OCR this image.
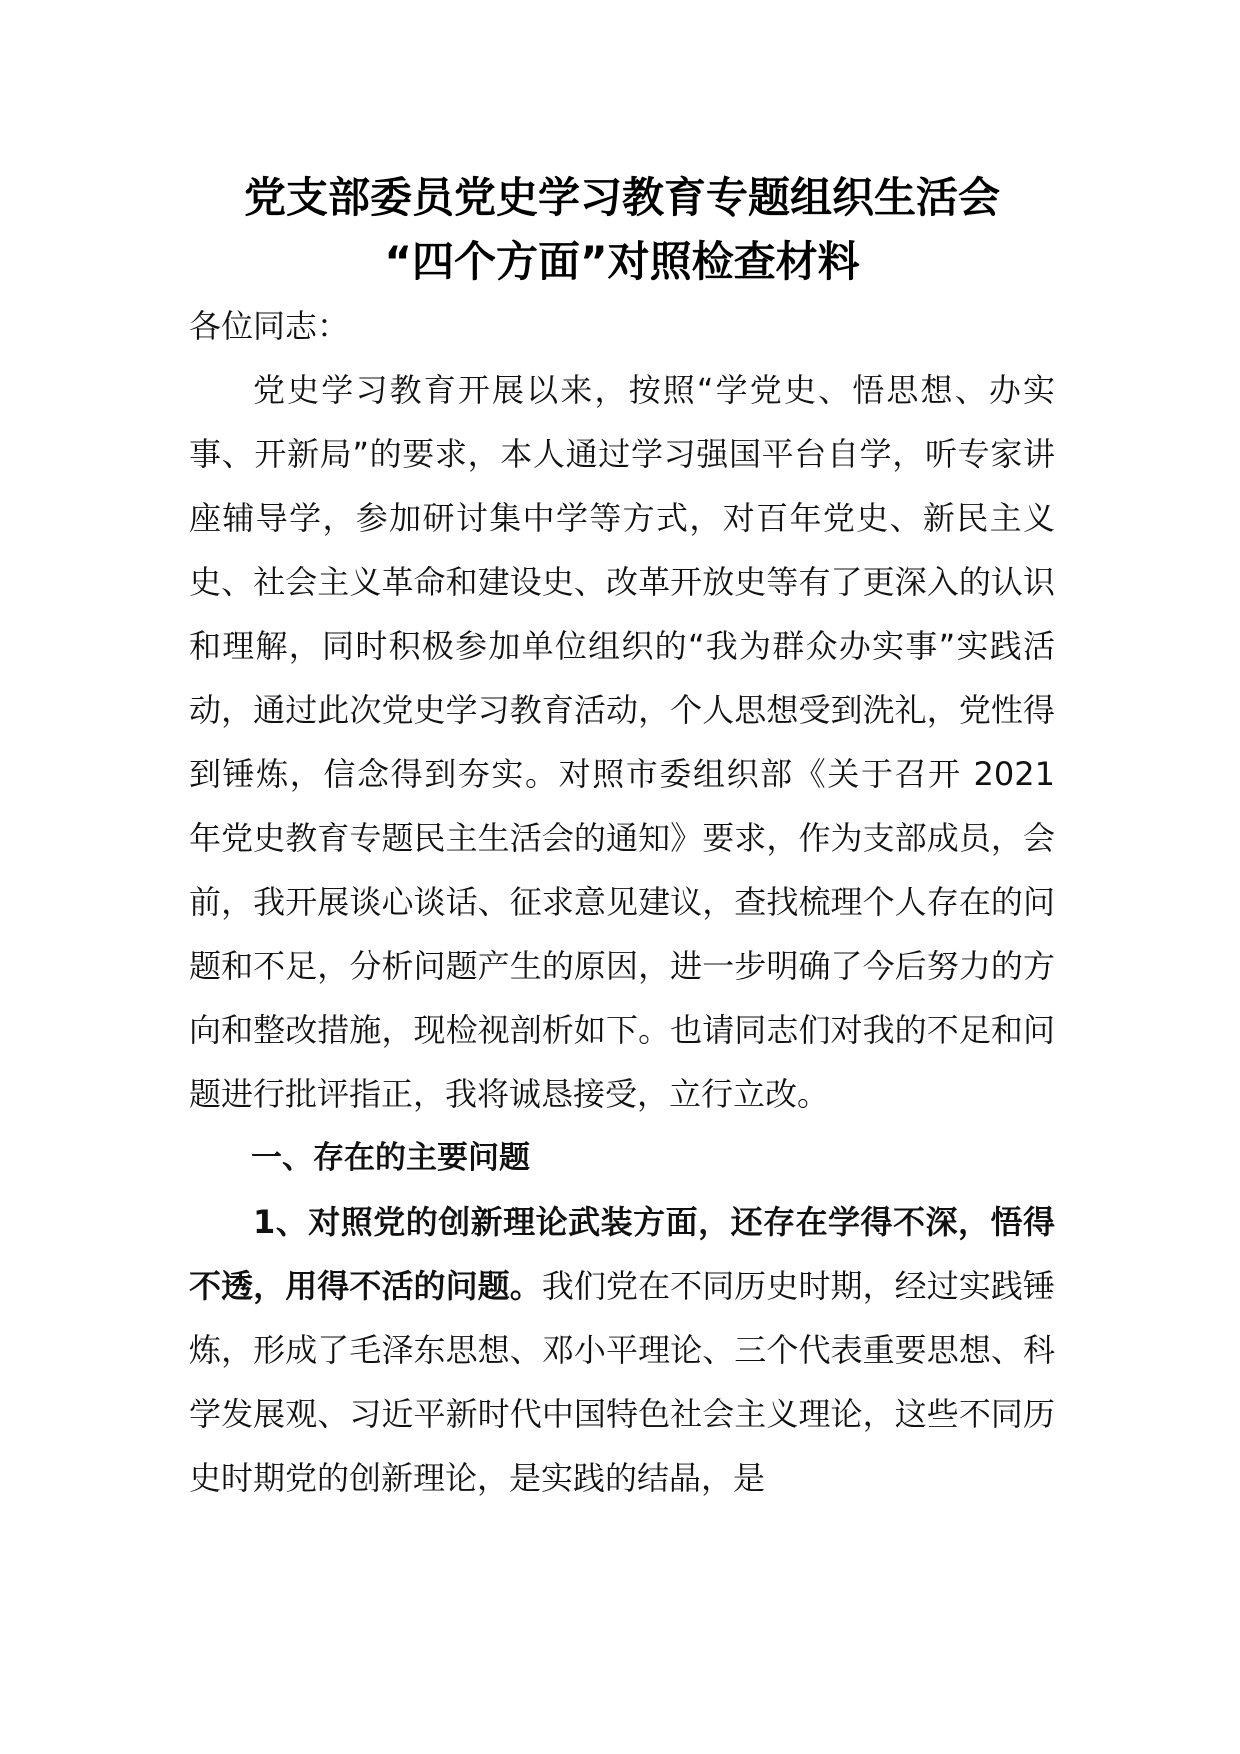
党支部委员党史学习教育专题组织生活会
“四个方面”对照检查材料

各位同志：

党史学习教育开展以来，按照“学党史、悟思想、办实事、开新局”的要求，本人通过学习强国平台自学，听专家讲座辅导学，参加研讨集中学等方式，对百年党史、新民主义史、社会主义革命和建设史、改革开放史等有了更深入的认识和理解，同时积极参加单位组织的“我为群众办实事”实践活动，通过此次党史学习教育活动，个人思想受到洗礼，党性得到锤炼，信念得到夯实。对照市委组织部《关于召开 2021 年党史教育专题民主生活会的通知》要求，作为支部成员，会前，我开展谈心谈话、征求意见建议，查找梳理个人存在的问题和不足，分析问题产生的原因，进一步明确了今后努力的方向和整改措施，现检视剖析如下。也请同志们对我的不足和问题进行批评指正，我将诚恳接受，立行立改。

一、存在的主要问题

1、对照党的创新理论武装方面，还存在学得不深，悟得不透，用得不活的问题。我们党在不同历史时期，经过实践锤炼，形成了毛泽东思想、邓小平理论、三个代表重要思想、科学发展观、习近平新时代中国特色社会主义理论，这些不同历史时期党的创新理论，是实践的结晶，是
